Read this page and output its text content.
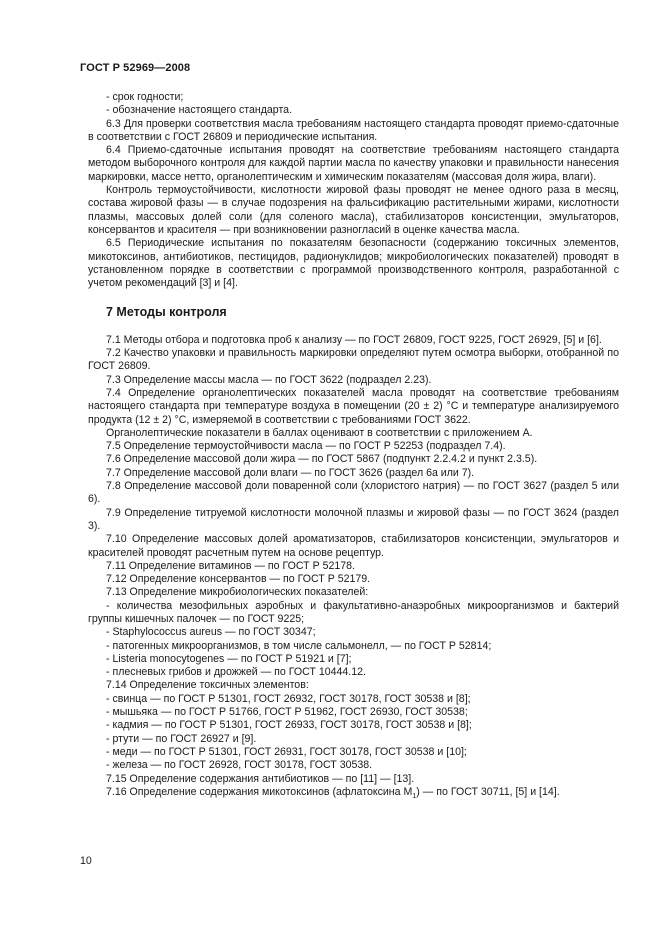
ГОСТ Р 52969—2008

- срок годности;

- обозначение настоящего стандарта.

6.3 Для проверки соответствия масла требованиям настоящего стандарта проводят приемо-сдаточные в соответствии с ГОСТ 26809 и периодические испытания.

6.4 Приемо-сдаточные испытания проводят на соответствие требованиям настоящего стандарта методом выборочного контроля для каждой партии масла по качеству упаковки и правильности нанесения маркировки, массе нетто, органолептическим и химическим показателям (массовая доля жира, влаги).

Контроль термоустойчивости, кислотности жировой фазы проводят не менее одного раза в месяц, состава жировой фазы — в случае подозрения на фальсификацию растительными жирами, кислотности плазмы, массовых долей соли (для соленого масла), стабилизаторов консистенции, эмульгаторов, консервантов и красителя — при возникновении разногласий в оценке качества масла.

6.5 Периодические испытания по показателям безопасности (содержанию токсичных элементов, микотоксинов, антибиотиков, пестицидов, радионуклидов; микробиологических показателей) проводят в установленном порядке в соответствии с программой производственного контроля, разработанной с учетом рекомендаций [3] и [4].

7 Методы контроля

7.1 Методы отбора и подготовка проб к анализу — по ГОСТ 26809, ГОСТ 9225, ГОСТ 26929, [5] и [6].

7.2 Качество упаковки и правильность маркировки определяют путем осмотра выборки, отобранной по ГОСТ 26809.

7.3 Определение массы масла — по ГОСТ 3622 (подраздел 2.23).

7.4 Определение органолептических показателей масла проводят на соответствие требованиям настоящего стандарта при температуре воздуха в помещении (20 ± 2) °С и температуре анализируемого продукта (12 ± 2) °С, измеряемой в соответствии с требованиями ГОСТ 3622.

Органолептические показатели в баллах оценивают в соответствии с приложением А.

7.5 Определение термоустойчивости масла — по ГОСТ Р 52253 (подраздел 7.4).

7.6 Определение массовой доли жира — по ГОСТ 5867 (подпункт 2.2.4.2 и пункт 2.3.5).

7.7 Определение массовой доли влаги — по ГОСТ 3626 (раздел 6а или 7).

7.8 Определение массовой доли поваренной соли (хлористого натрия) — по ГОСТ 3627 (раздел 5 или 6).

7.9 Определение титруемой кислотности молочной плазмы и жировой фазы — по ГОСТ 3624 (раздел 3).

7.10 Определение массовых долей ароматизаторов, стабилизаторов консистенции, эмульгаторов и красителей проводят расчетным путем на основе рецептур.

7.11 Определение витаминов — по ГОСТ Р 52178.

7.12 Определение консервантов — по ГОСТ Р 52179.

7.13 Определение микробиологических показателей:

- количества мезофильных аэробных и факультативно-анаэробных микроорганизмов и бактерий группы кишечных палочек — по ГОСТ 9225;

- Staphylococcus aureus — по ГОСТ 30347;

- патогенных микроорганизмов, в том числе сальмонелл, — по ГОСТ Р 52814;

- Listeria monocytogenes — по ГОСТ Р 51921 и [7];

- плесневых грибов и дрожжей — по ГОСТ 10444.12.

7.14 Определение токсичных элементов:

- свинца — по ГОСТ Р 51301, ГОСТ 26932, ГОСТ 30178, ГОСТ 30538 и [8];

- мышьяка — по ГОСТ Р 51766, ГОСТ Р 51962, ГОСТ 26930, ГОСТ 30538;

- кадмия — по ГОСТ Р 51301, ГОСТ 26933, ГОСТ 30178, ГОСТ 30538 и [8];

- ртути — по ГОСТ 26927 и [9].

- меди — по ГОСТ Р 51301, ГОСТ 26931, ГОСТ 30178, ГОСТ 30538 и [10];

- железа — по ГОСТ 26928, ГОСТ 30178, ГОСТ 30538.

7.15 Определение содержания антибиотиков — по [11] — [13].

7.16 Определение содержания микотоксинов (афлатоксина $М_1$) — по ГОСТ 30711, [5] и [14].

10
